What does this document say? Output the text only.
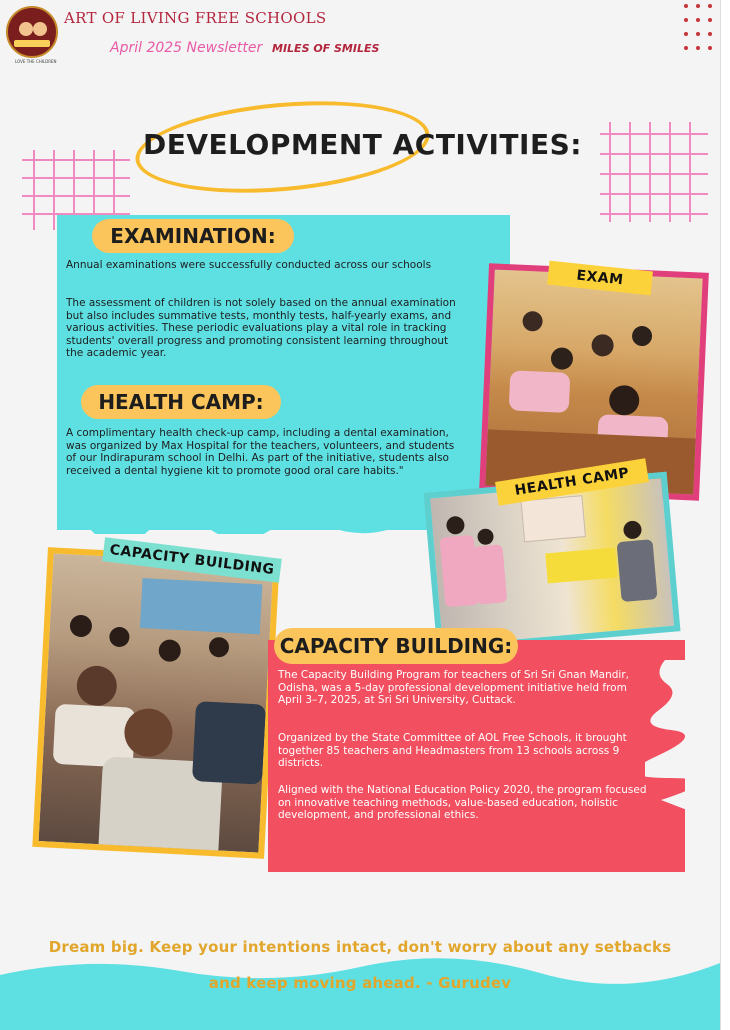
LOVE THE CHILDREN
ART OF LIVING FREE SCHOOLS
April 2025 Newsletter MILES OF SMILES
DEVELOPMENT ACTIVITIES:
EXAMINATION:
Annual examinations were successfully conducted across our schools
The assessment of children is not solely based on the annual examination but also includes summative tests, monthly tests, half-yearly exams, and various activities. These periodic evaluations play a vital role in tracking students' overall progress and promoting consistent learning throughout the academic year.
HEALTH CAMP:
A complimentary health check-up camp, including a dental examination, was organized by Max Hospital for the teachers, volunteers, and students of our Indirapuram school in Delhi. As part of the initiative, students also received a dental hygiene kit to promote good oral care habits."
EXAM
HEALTH CAMP
CAPACITY BUILDING
CAPACITY BUILDING:
The Capacity Building Program for teachers of Sri Sri Gnan Mandir, Odisha, was a 5-day professional development initiative held from April 3–7, 2025, at Sri Sri University, Cuttack.
Organized by the State Committee of AOL Free Schools, it brought together 85 teachers and Headmasters from 13 schools across 9 districts.
Aligned with the National Education Policy 2020, the program focused on innovative teaching methods, value-based education, holistic development, and professional ethics.
Dream big. Keep your intentions intact, don't worry about any setbacks
and keep moving ahead. - Gurudev
